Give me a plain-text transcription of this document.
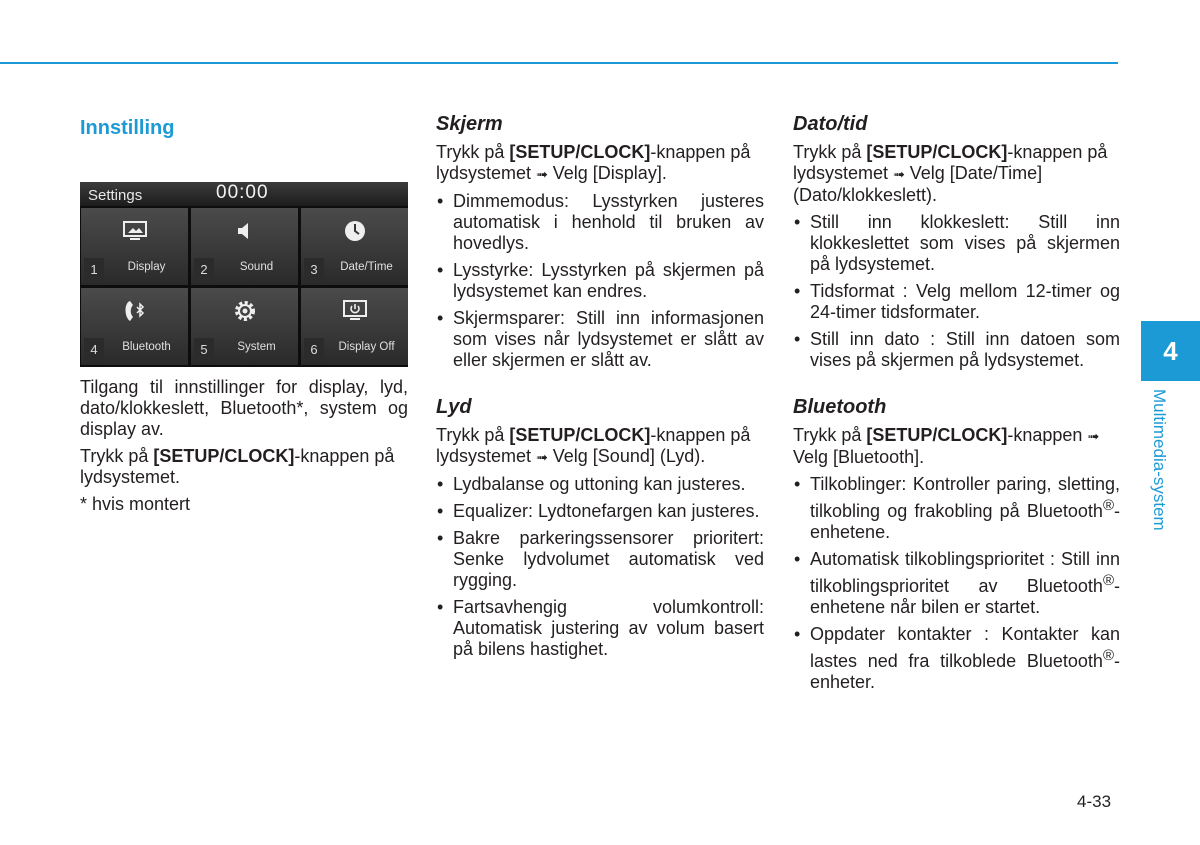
Innstilling
Settings	00:00
1	Display	2	Sound	3	Date/Time
4	Bluetooth	5	System	6	Display Off

Tilgang til innstillinger for display, lyd, dato/klokkeslett, Bluetooth*, system og display av.

Trykk på [SETUP/CLOCK]-knappen på lydsystemet.

* hvis montert

Skjerm

Trykk på [SETUP/CLOCK]-knappen på lydsystemet ➟ Velg [Display].

• Dimmemodus: Lysstyrken justeres automatisk i henhold til bruken av hovedlys.
• Lysstyrke: Lysstyrken på skjermen på lydsystemet kan endres.
• Skjermsparer: Still inn informasjonen som vises når lydsystemet er slått av eller skjermen er slått av.
Lyd

Trykk på [SETUP/CLOCK]-knappen på lydsystemet ➟ Velg [Sound] (Lyd).

• Lydbalanse og uttoning kan justeres.
• Equalizer: Lydtonefargen kan justeres.
• Bakre parkeringssensorer prioritert: Senke lydvolumet automatisk ved rygging.
• Fartsavhengig volumkontroll: Automatisk justering av volum basert på bilens hastighet.
Dato/tid

Trykk på [SETUP/CLOCK]-knappen på lydsystemet ➟ Velg [Date/Time] (Dato/klokkeslett).

• Still inn klokkeslett: Still inn klokkeslettet som vises på skjermen på lydsystemet.
• Tidsformat : Velg mellom 12-timer og 24-timer tidsformater.
• Still inn dato : Still inn datoen som vises på skjermen på lydsystemet.
Bluetooth

Trykk på [SETUP/CLOCK]-knappen ➟ Velg [Bluetooth].

• Tilkoblinger: Kontroller paring, sletting, tilkobling og frakobling på Bluetooth®-enhetene.
• Automatisk tilkoblingsprioritet : Still inn tilkoblingsprioritet av Bluetooth®-enhetene når bilen er startet.
• Oppdater kontakter : Kontakter kan lastes ned fra tilkoblede Bluetooth®-enheter.
4
Multimedia-system
4-33
